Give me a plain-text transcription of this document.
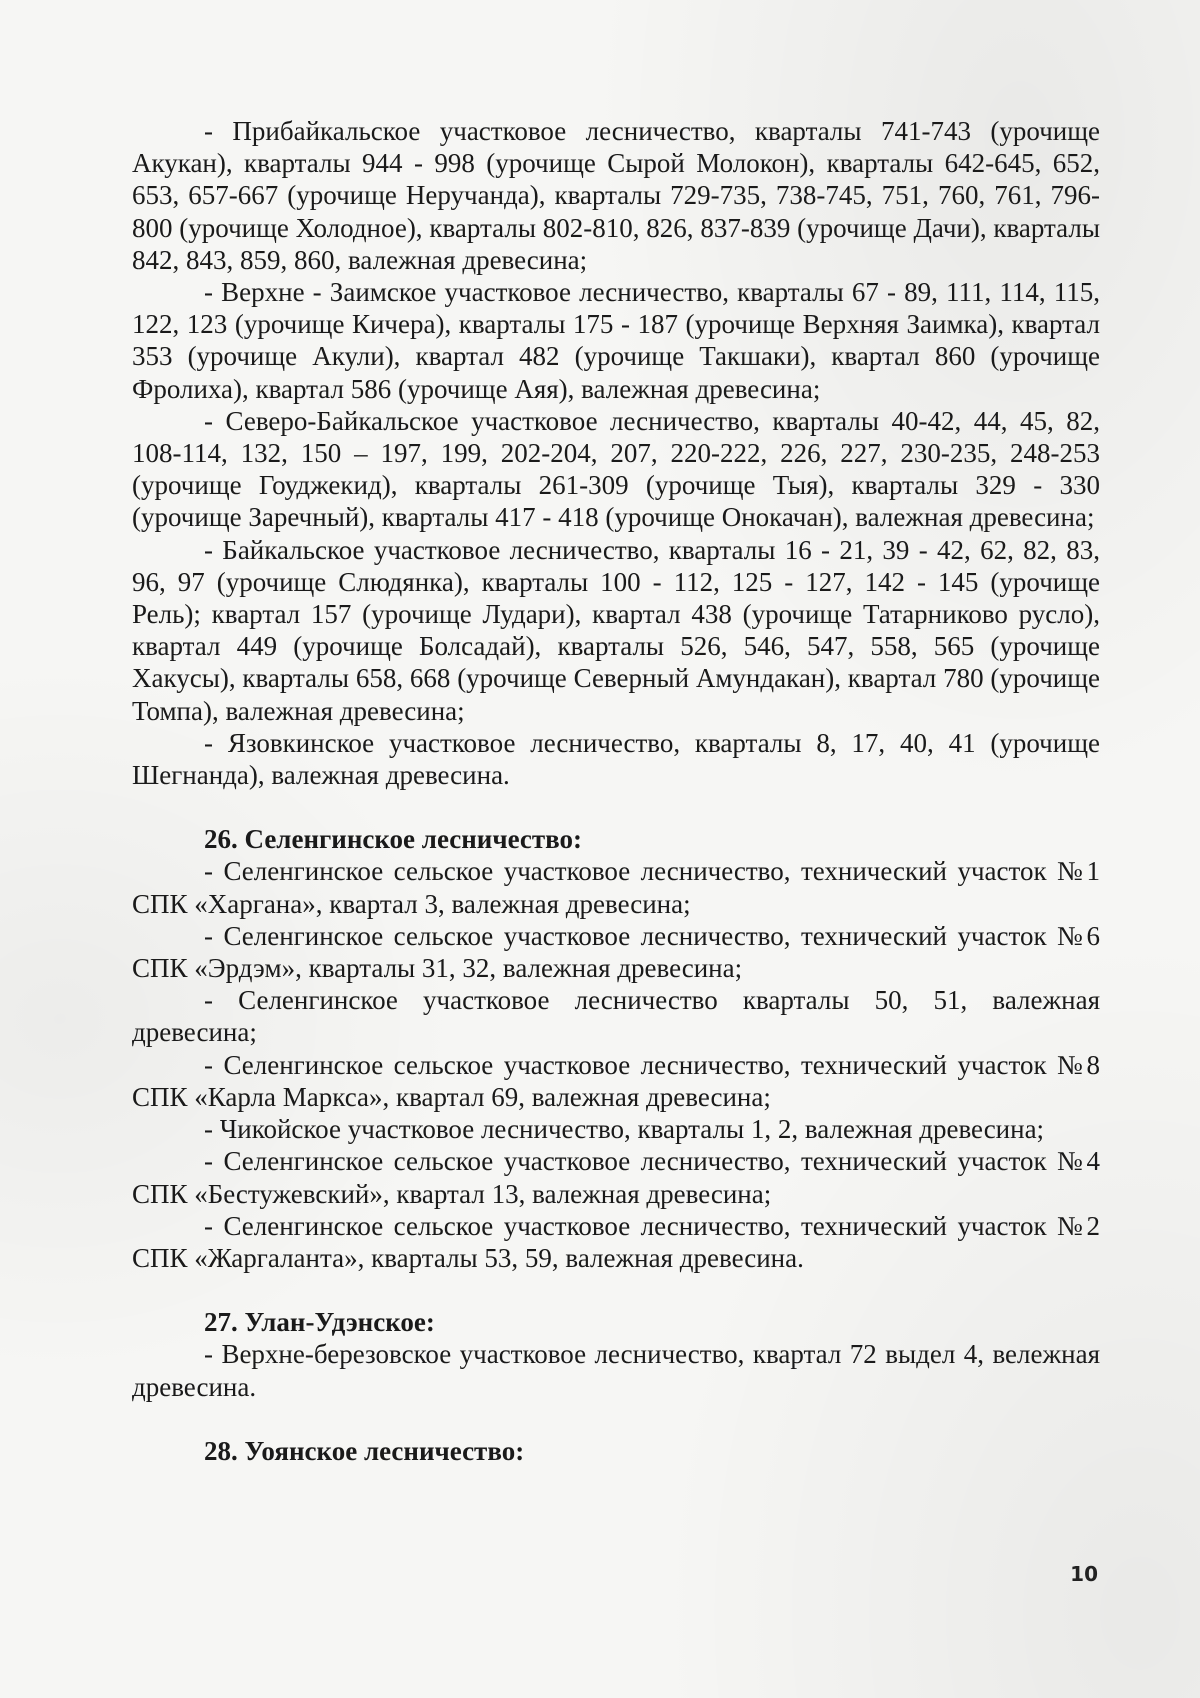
- Прибайкальское участковое лесничество, кварталы 741-743 (урочище Акукан), кварталы 944 - 998 (урочище Сырой Молокон), кварталы 642-645, 652, 653, 657-667 (урочище Неручанда), кварталы 729-735, 738-745, 751, 760, 761, 796-800 (урочище Холодное), кварталы 802-810, 826, 837-839 (урочище Дачи), кварталы 842, 843, 859, 860, валежная древесина;

- Верхне - Заимское участковое лесничество, кварталы 67 - 89, 111, 114, 115, 122, 123 (урочище Кичера), кварталы 175 - 187 (урочище Верхняя Заимка), квартал 353 (урочище Акули), квартал 482 (урочище Такшаки), квартал 860 (урочище Фролиха), квартал 586 (урочище Аяя), валежная древесина;

- Северо-Байкальское участковое лесничество, кварталы 40-42, 44, 45, 82, 108-114, 132, 150 – 197, 199, 202-204, 207, 220-222, 226, 227, 230-235, 248-253 (урочище Гоуджекид), кварталы 261-309 (урочище Тыя), кварталы 329 - 330 (урочище Заречный), кварталы 417 - 418 (урочище Онокачан), валежная древесина;

- Байкальское участковое лесничество, кварталы 16 - 21, 39 - 42, 62, 82, 83, 96, 97 (урочище Слюдянка), кварталы 100 - 112, 125 - 127, 142 - 145 (урочище Рель); квартал 157 (урочище Лудари), квартал 438 (урочище Татарниково русло), квартал 449 (урочище Болсадай), кварталы 526, 546, 547, 558, 565 (урочище Хакусы), кварталы 658, 668 (урочище Северный Амундакан), квартал 780 (урочище Томпа), валежная древесина;

- Язовкинское участковое лесничество, кварталы 8, 17, 40, 41 (урочище Шегнанда), валежная древесина.

26. Селенгинское лесничество:

- Селенгинское сельское участковое лесничество, технический участок №1 СПК «Харгана», квартал 3, валежная древесина;

- Селенгинское сельское участковое лесничество, технический участок №6 СПК «Эрдэм», кварталы 31, 32, валежная древесина;

- Селенгинское участковое лесничество кварталы 50, 51, валежная древесина;

- Селенгинское сельское участковое лесничество, технический участок №8 СПК «Карла Маркса», квартал 69, валежная древесина;

- Чикойское участковое лесничество, кварталы 1, 2, валежная древесина;

- Селенгинское сельское участковое лесничество, технический участок №4 СПК «Бестужевский», квартал 13, валежная древесина;

- Селенгинское сельское участковое лесничество, технический участок №2 СПК «Жаргаланта», кварталы 53, 59, валежная древесина.

27. Улан-Удэнское:

- Верхне-березовское участковое лесничество, квартал 72 выдел 4, вележная древесина.

28. Уоянское лесничество:

10
